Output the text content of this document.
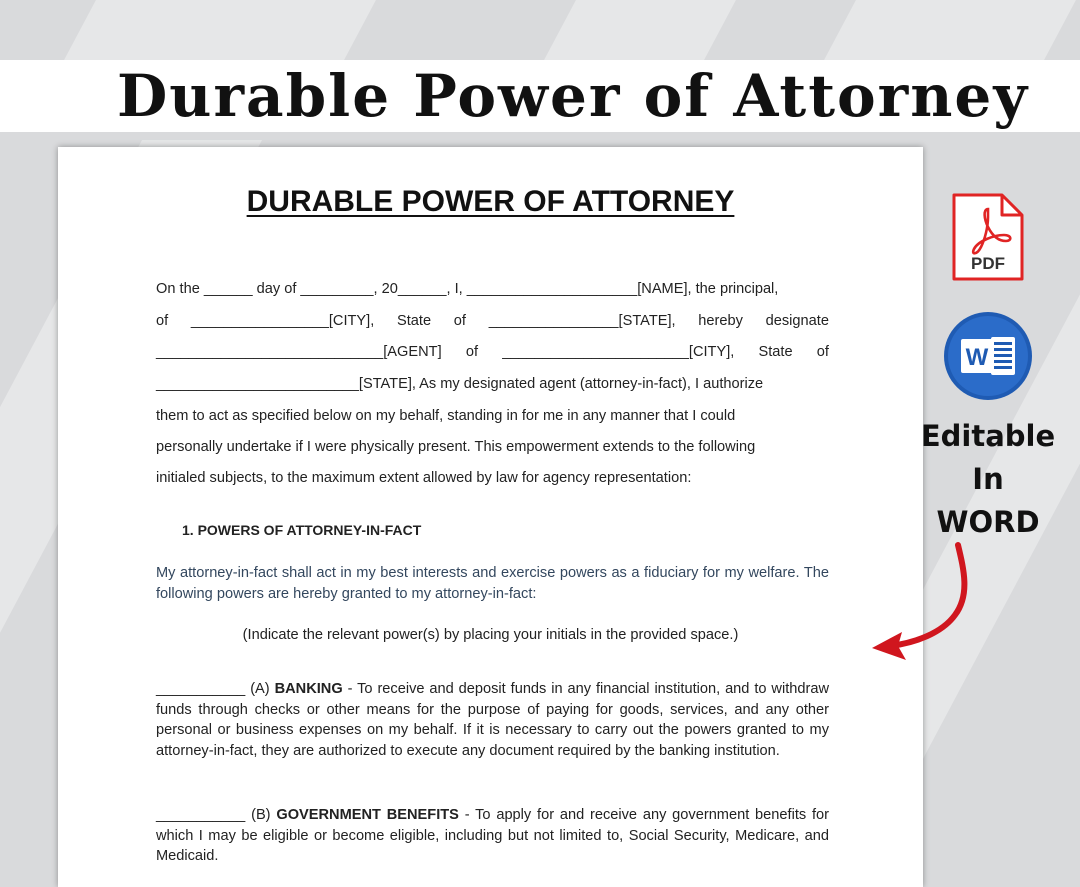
Durable Power of Attorney
DURABLE POWER OF ATTORNEY
On the ______ day of _________, 20______, I, _____________________[NAME], the principal,
of _________________[CITY], State of ________________[STATE], hereby designate
____________________________[AGENT] of _______________________[CITY], State of
_________________________[STATE], As my designated agent (attorney-in-fact), I authorize
them to act as specified below on my behalf, standing in for me in any manner that I could
personally undertake if I were physically present. This empowerment extends to the following
initialed subjects, to the maximum extent allowed by law for agency representation:
1. POWERS OF ATTORNEY-IN-FACT
My attorney-in-fact shall act in my best interests and exercise powers as a fiduciary for my welfare. The following powers are hereby granted to my attorney-in-fact:
(Indicate the relevant power(s) by placing your initials in the provided space.)
___________ (A) BANKING - To receive and deposit funds in any financial institution, and to withdraw funds through checks or other means for the purpose of paying for goods, services, and any other personal or business expenses on my behalf. If it is necessary to carry out the powers granted to my attorney-in-fact, they are authorized to execute any document required by the banking institution.
___________ (B) GOVERNMENT BENEFITS - To apply for and receive any government benefits for which I may be eligible or become eligible, including but not limited to, Social Security, Medicare, and Medicaid.
PDF
W
Editable
In
WORD
